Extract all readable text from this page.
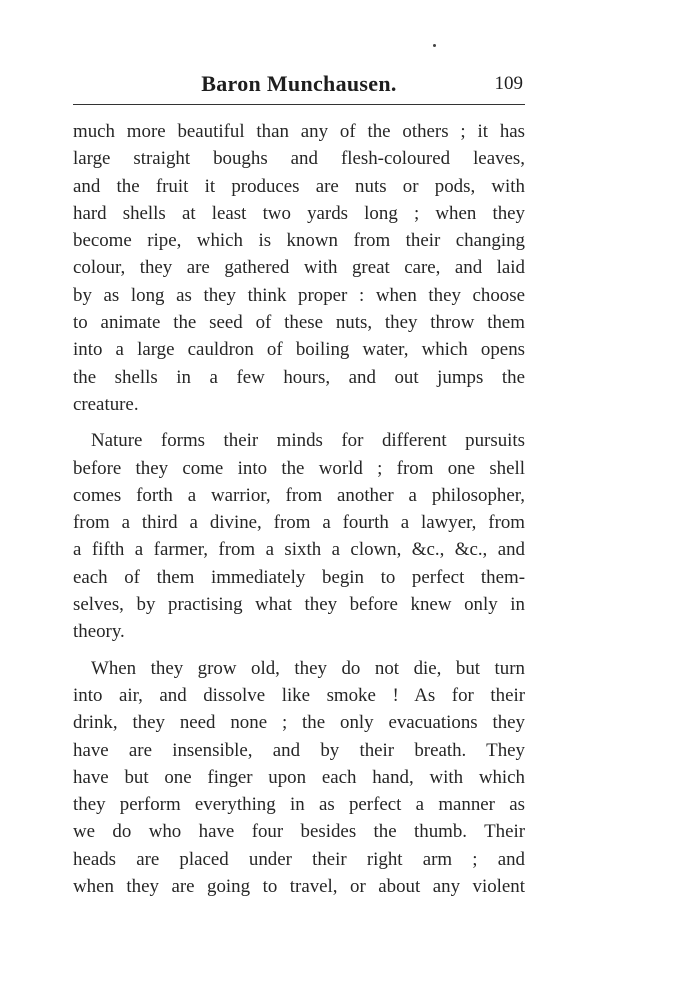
Baron Munchausen.	109

much more beautiful than any of the others ; it has
large straight boughs and flesh-coloured leaves,
and the fruit it produces are nuts or pods, with
hard shells at least two yards long ; when they
become ripe, which is known from their changing
colour, they are gathered with great care, and laid
by as long as they think proper : when they choose
to animate the seed of these nuts, they throw them
into a large cauldron of boiling water, which opens
the shells in a few hours, and out jumps the
creature.

Nature forms their minds for different pursuits
before they come into the world ; from one shell
comes forth a warrior, from another a philosopher,
from a third a divine, from a fourth a lawyer, from
a fifth a farmer, from a sixth a clown, &c., &c., and
each of them immediately begin to perfect them-
selves, by practising what they before knew only in
theory.

When they grow old, they do not die, but turn
into air, and dissolve like smoke ! As for their
drink, they need none ; the only evacuations they
have are insensible, and by their breath. They
have but one finger upon each hand, with which
they perform everything in as perfect a manner as
we do who have four besides the thumb. Their
heads are placed under their right arm ; and
when they are going to travel, or about any violent
